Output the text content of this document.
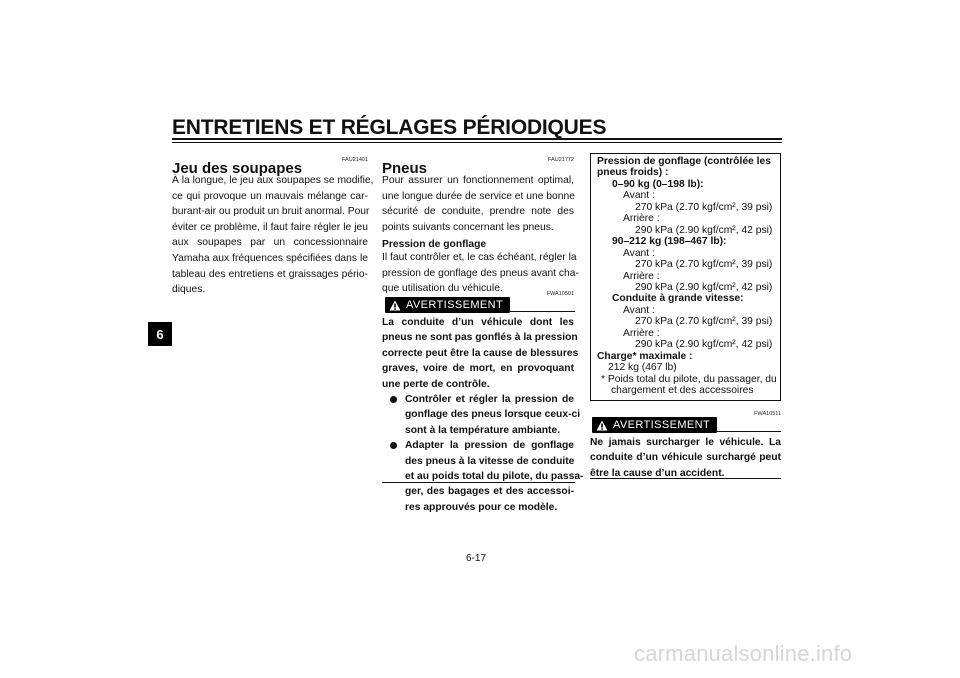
ENTRETIENS ET RÉGLAGES PÉRIODIQUES
6
FAU21401
Jeu des soupapes
À la longue, le jeu aux soupapes se modifie,
ce qui provoque un mauvais mélange car-
burant-air ou produit un bruit anormal. Pour
éviter ce problème, il faut faire régler le jeu
aux soupapes par un concessionnaire
Yamaha aux fréquences spécifiées dans le
tableau des entretiens et graissages pério-
diques.
FAU21772
Pneus
Pour assurer un fonctionnement optimal,
une longue durée de service et une bonne
sécurité de conduite, prendre note des
points suivants concernant les pneus.
Pression de gonflage
Il faut contrôler et, le cas échéant, régler la
pression de gonflage des pneus avant cha-
que utilisation du véhicule.	FWA10501
AVERTISSEMENT
La conduite d’un véhicule dont les
pneus ne sont pas gonflés à la pression
correcte peut être la cause de blessures
graves, voire de mort, en provoquant
une perte de contrôle.
Contrôler et régler la pression de
gonflage des pneus lorsque ceux-ci
sont à la température ambiante.
Adapter la pression de gonflage
des pneus à la vitesse de conduite
et au poids total du pilote, du passa-
ger, des bagages et des accessoi-
res approuvés pour ce modèle.
Pression de gonflage (contrôlée les
pneus froids) :
0–90 kg (0–198 lb):
Avant :
270 kPa (2.70 kgf/cm², 39 psi)
Arrière :
290 kPa (2.90 kgf/cm², 42 psi)
90–212 kg (198–467 lb):
Avant :
270 kPa (2.70 kgf/cm², 39 psi)
Arrière :
290 kPa (2.90 kgf/cm², 42 psi)
Conduite à grande vitesse:
Avant :
270 kPa (2.70 kgf/cm², 39 psi)
Arrière :
290 kPa (2.90 kgf/cm², 42 psi)
Charge* maximale :
212 kg (467 lb)
* Poids total du pilote, du passager, du
chargement et des accessoires
FWA10511
AVERTISSEMENT
Ne jamais surcharger le véhicule. La
conduite d’un véhicule surchargé peut
être la cause d’un accident.
6-17
carmanualsonline.info
